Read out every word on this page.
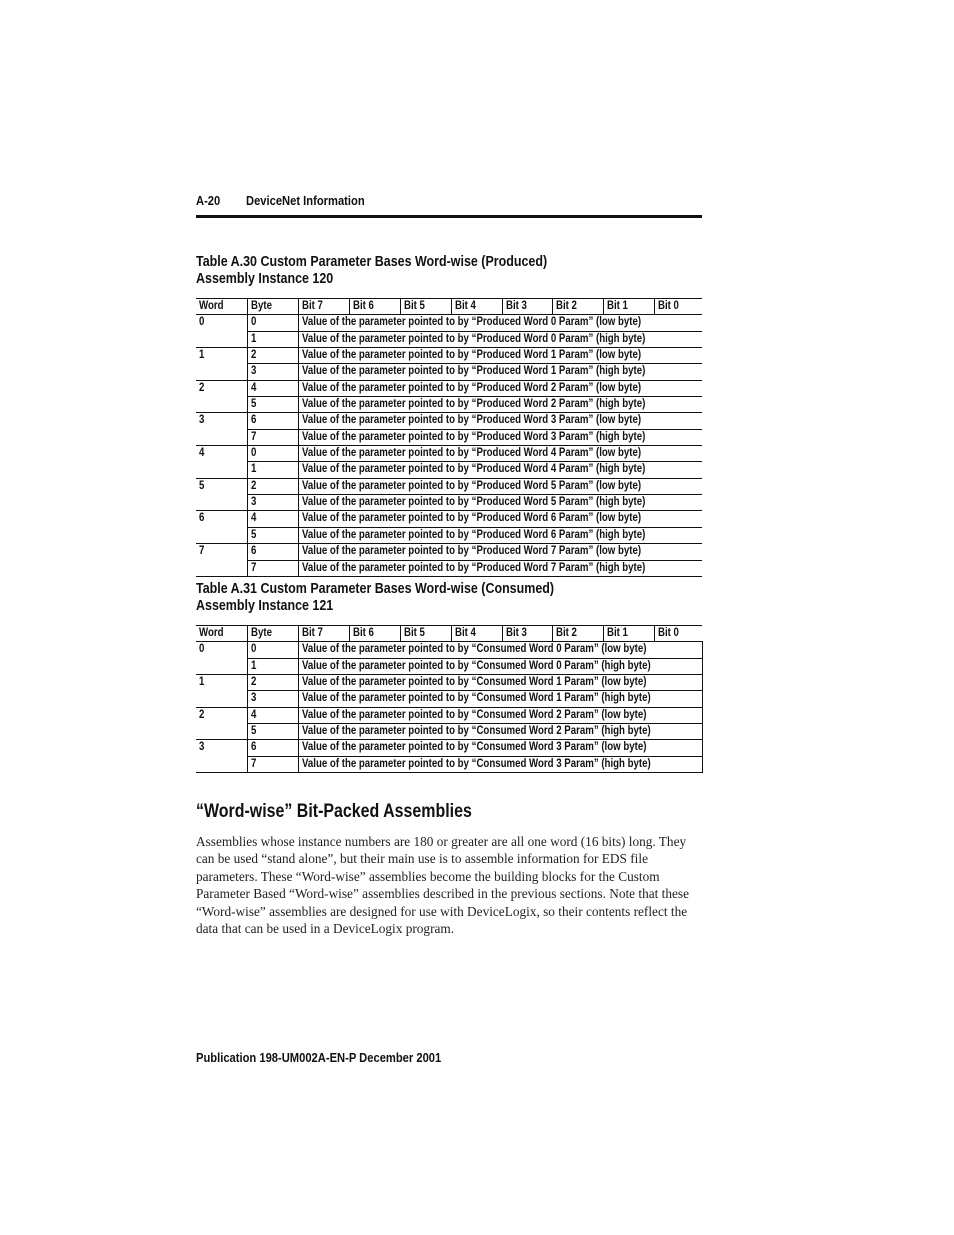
A-20 DeviceNet Information
Table A.30 Custom Parameter Bases Word-wise (Produced)
Assembly Instance 120
Word	Byte	Bit 7	Bit 6	Bit 5	Bit 4	Bit 3	Bit 2	Bit 1	Bit 0
0	0	Value of the parameter pointed to by “Produced Word 0 Param” (low byte)							
	1	Value of the parameter pointed to by “Produced Word 0 Param” (high byte)							
1	2	Value of the parameter pointed to by “Produced Word 1 Param” (low byte)							
	3	Value of the parameter pointed to by “Produced Word 1 Param” (high byte)							
2	4	Value of the parameter pointed to by “Produced Word 2 Param” (low byte)							
	5	Value of the parameter pointed to by “Produced Word 2 Param” (high byte)							
3	6	Value of the parameter pointed to by “Produced Word 3 Param” (low byte)							
	7	Value of the parameter pointed to by “Produced Word 3 Param” (high byte)							
4	0	Value of the parameter pointed to by “Produced Word 4 Param” (low byte)							
	1	Value of the parameter pointed to by “Produced Word 4 Param” (high byte)							
5	2	Value of the parameter pointed to by “Produced Word 5 Param” (low byte)							
	3	Value of the parameter pointed to by “Produced Word 5 Param” (high byte)							
6	4	Value of the parameter pointed to by “Produced Word 6 Param” (low byte)							
	5	Value of the parameter pointed to by “Produced Word 6 Param” (high byte)							
7	6	Value of the parameter pointed to by “Produced Word 7 Param” (low byte)							
	7	Value of the parameter pointed to by “Produced Word 7 Param” (high byte)							
Table A.31 Custom Parameter Bases Word-wise (Consumed)
Assembly Instance 121
Word	Byte	Bit 7	Bit 6	Bit 5	Bit 4	Bit 3	Bit 2	Bit 1	Bit 0
0	0	Value of the parameter pointed to by “Consumed Word 0 Param” (low byte)							
	1	Value of the parameter pointed to by “Consumed Word 0 Param” (high byte)							
1	2	Value of the parameter pointed to by “Consumed Word 1 Param” (low byte)							
	3	Value of the parameter pointed to by “Consumed Word 1 Param” (high byte)							
2	4	Value of the parameter pointed to by “Consumed Word 2 Param” (low byte)							
	5	Value of the parameter pointed to by “Consumed Word 2 Param” (high byte)							
3	6	Value of the parameter pointed to by “Consumed Word 3 Param” (low byte)							
	7	Value of the parameter pointed to by “Consumed Word 3 Param” (high byte)							
“Word-wise” Bit-Packed Assemblies
Assemblies whose instance numbers are 180 or greater are all one word (16 bits) long. They can be used “stand alone”, but their main use is to assemble information for EDS file parameters. These “Word-wise” assemblies become the building blocks for the Custom Parameter Based “Word-wise” assemblies described in the previous sections. Note that these “Word-wise” assemblies are designed for use with DeviceLogix, so their contents reflect the data that can be used in a DeviceLogix program.
Publication 198-UM002A-EN-P December 2001
